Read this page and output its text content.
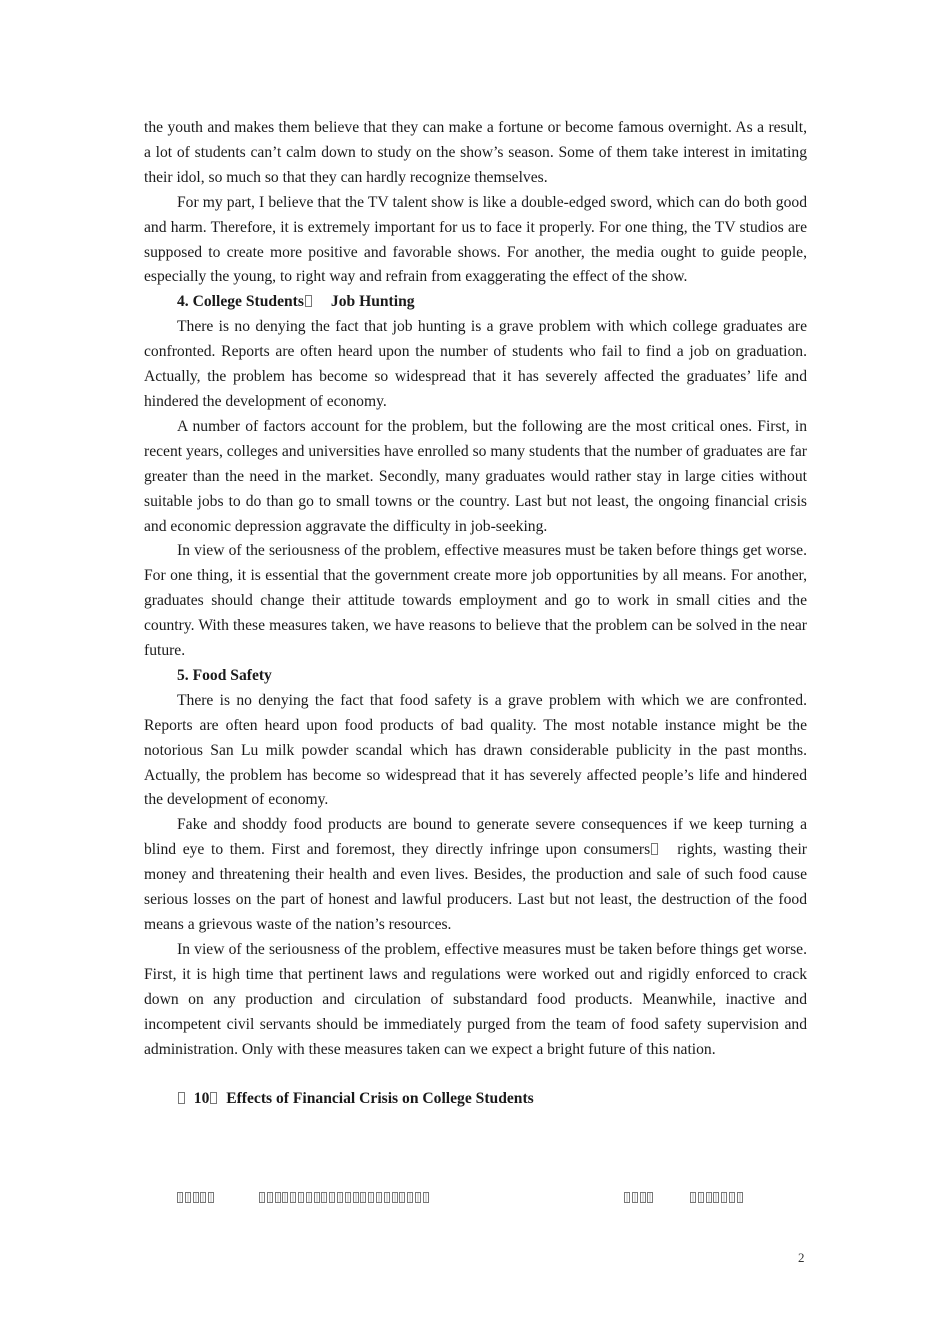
the youth and makes them believe that they can make a fortune or become famous overnight. As a result, a lot of students can’t calm down to study on the show’s season. Some of them take interest in imitating their idol, so much so that they can hardly recognize themselves.

For my part, I believe that the TV talent show is like a double-edged sword, which can do both good and harm. Therefore, it is extremely important for us to face it properly. For one thing, the TV studios are supposed to create more positive and favorable shows. For another, the media ought to guide people, especially the young, to right way and refrain from exaggerating the effect of the show.

4. College Students Job Hunting

There is no denying the fact that job hunting is a grave problem with which college graduates are confronted. Reports are often heard upon the number of students who fail to find a job on graduation. Actually, the problem has become so widespread that it has severely affected the graduates’ life and hindered the development of economy.

A number of factors account for the problem, but the following are the most critical ones. First, in recent years, colleges and universities have enrolled so many students that the number of graduates are far greater than the need in the market. Secondly, many graduates would rather stay in large cities without suitable jobs to do than go to small towns or the country. Last but not least, the ongoing financial crisis and economic depression aggravate the difficulty in job-seeking.

In view of the seriousness of the problem, effective measures must be taken before things get worse. For one thing, it is essential that the government create more job opportunities by all means. For another, graduates should change their attitude towards employment and go to work in small cities and the country. With these measures taken, we have reasons to believe that the problem can be solved in the near future.

5. Food Safety

There is no denying the fact that food safety is a grave problem with which we are confronted. Reports are often heard upon food products of bad quality. The most notable instance might be the notorious San Lu milk powder scandal which has drawn considerable publicity in the past months. Actually, the problem has become so widespread that it has severely affected people’s life and hindered the development of economy.

Fake and shoddy food products are bound to generate severe consequences if we keep turning a blind eye to them. First and foremost, they directly infringe upon consumers rights, wasting their money and threatening their health and even lives. Besides, the production and sale of such food cause serious losses on the part of honest and lawful producers. Last but not least, the destruction of the food means a grievous waste of the nation’s resources.

In view of the seriousness of the problem, effective measures must be taken before things get worse. First, it is high time that pertinent laws and regulations were worked out and rigidly enforced to crack down on any production and circulation of substandard food products. Meanwhile, inactive and incompetent civil servants should be immediately purged from the team of food safety supervision and administration. Only with these measures taken can we expect a bright future of this nation.

10 Effects of Financial Crisis on College Students

2
